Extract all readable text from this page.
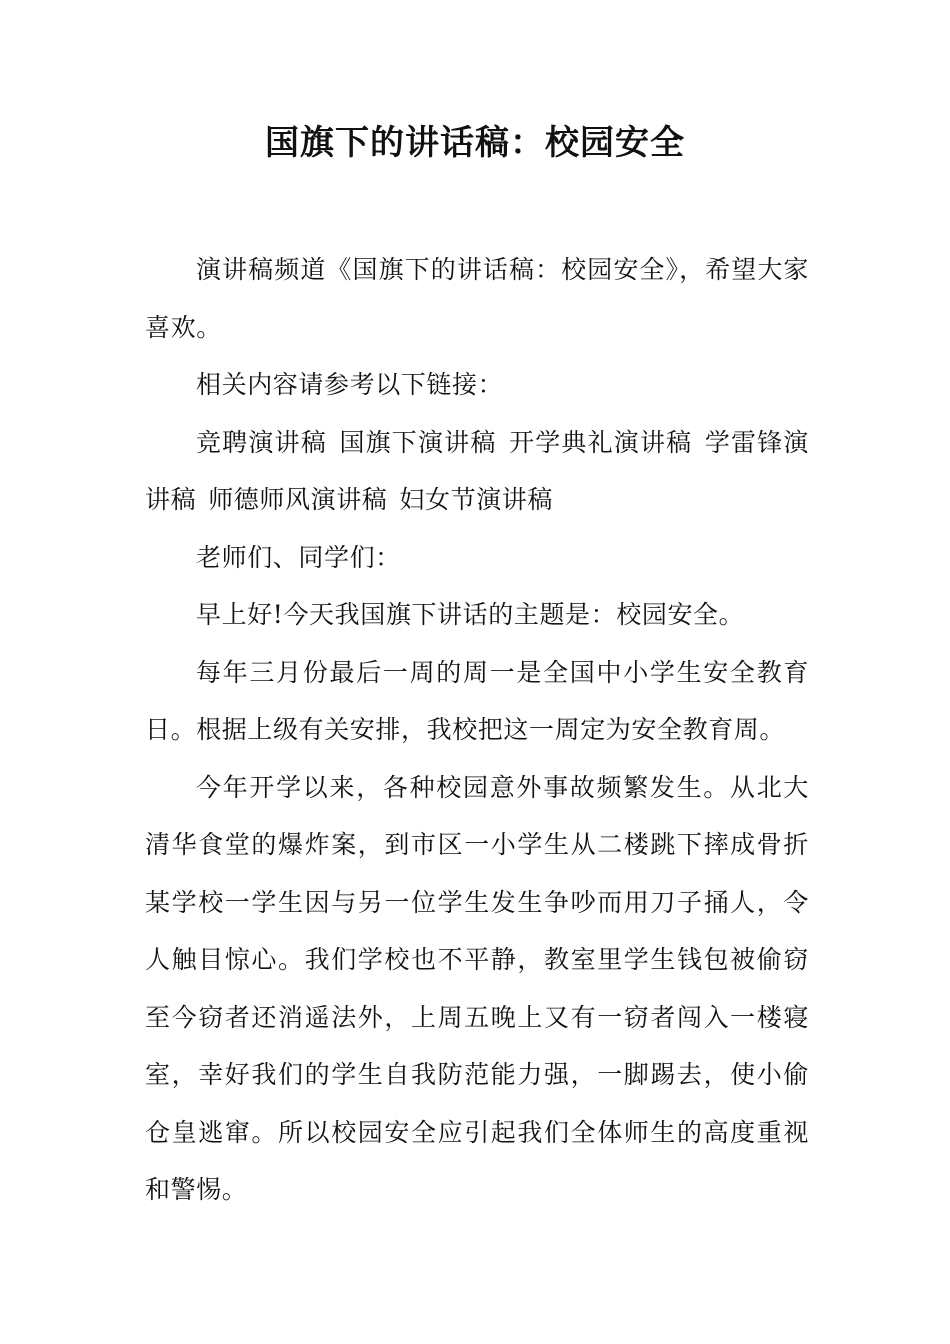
国旗下的讲话稿：校园安全

演讲稿频道《国旗下的讲话稿：校园安全》，希望大家喜欢。

相关内容请参考以下链接：

竞聘演讲稿 国旗下演讲稿 开学典礼演讲稿 学雷锋演讲稿 师德师风演讲稿 妇女节演讲稿

老师们、同学们：

早上好!今天我国旗下讲话的主题是：校园安全。

每年三月份最后一周的周一是全国中小学生安全教育日。根据上级有关安排，我校把这一周定为安全教育周。

今年开学以来，各种校园意外事故频繁发生。从北大清华食堂的爆炸案，到市区一小学生从二楼跳下摔成骨折某学校一学生因与另一位学生发生争吵而用刀子捅人，令人触目惊心。我们学校也不平静，教室里学生钱包被偷窃至今窃者还消遥法外，上周五晚上又有一窃者闯入一楼寝室，幸好我们的学生自我防范能力强，一脚踢去，使小偷仓皇逃窜。所以校园安全应引起我们全体师生的高度重视和警惕。
